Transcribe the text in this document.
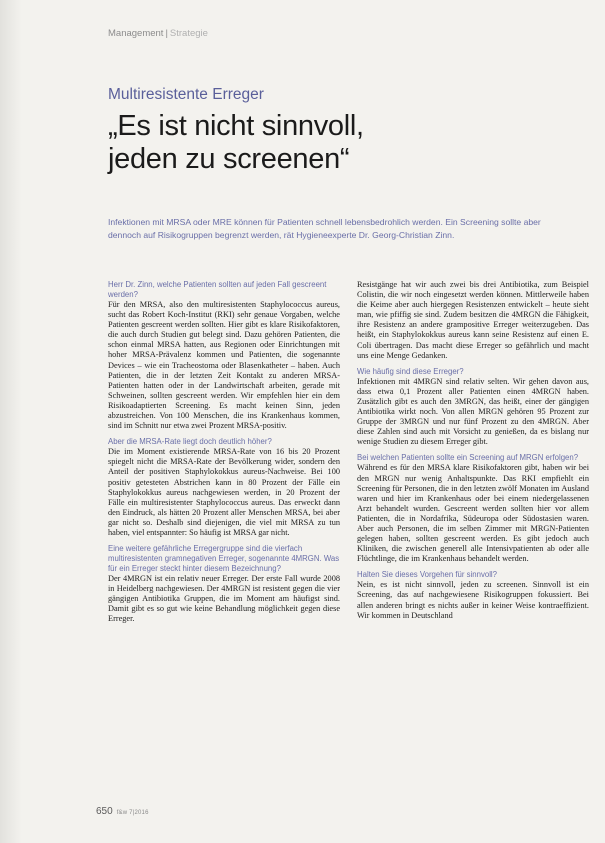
Management | Strategie
Multiresistente Erreger
„Es ist nicht sinnvoll, jeden zu screenen“
Infektionen mit MRSA oder MRE können für Patienten schnell lebensbedrohlich werden. Ein Screening sollte aber dennoch auf Risikogruppen begrenzt werden, rät Hygieneexperte Dr. Georg-Christian Zinn.

Herr Dr. Zinn, welche Patienten sollten auf jeden Fall gescreent werden?

Für den MRSA, also den multiresistenten Staphylococcus aureus, sucht das Robert Koch-Institut (RKI) sehr genaue Vorgaben, welche Patienten gescreent werden sollten. Hier gibt es klare Risikofaktoren, die auch durch Studien gut belegt sind. Dazu gehören Patienten, die schon einmal MRSA hatten, aus Regionen oder Einrichtungen mit hoher MRSA-Prävalenz kommen und Patienten, die sogenannte Devices – wie ein Tracheostoma oder Blasenkatheter – haben. Auch Patienten, die in der letzten Zeit Kontakt zu anderen MRSA-Patienten hatten oder in der Landwirtschaft arbeiten, gerade mit Schweinen, sollten gescreent werden. Wir empfehlen hier ein dem Risikoadaptierten Screening. Es macht keinen Sinn, jeden abzustreichen. Von 100 Menschen, die ins Krankenhaus kommen, sind im Schnitt nur etwa zwei Prozent MRSA-positiv.

Aber die MRSA-Rate liegt doch deutlich höher?

Die im Moment existierende MRSA-Rate von 16 bis 20 Prozent spiegelt nicht die MRSA-Rate der Bevölkerung wider, sondern den Anteil der positiven Staphylokokkus aureus-Nachweise. Bei 100 positiv getesteten Abstrichen kann in 80 Prozent der Fälle ein Staphylokokkus aureus nachgewiesen werden, in 20 Prozent der Fälle ein multiresistenter Staphylococcus aureus. Das erweckt dann den Eindruck, als hätten 20 Prozent aller Menschen MRSA, bei aber gar nicht so. Deshalb sind diejenigen, die viel mit MRSA zu tun haben, viel entspannter: So häufig ist MRSA gar nicht.

Eine weitere gefährliche Erregergruppe sind die vierfach multiresistenten gramnegativen Erreger, sogenannte 4MRGN. Was für ein Erreger steckt hinter diesem Bezeichnung?

Der 4MRGN ist ein relativ neuer Erreger. Der erste Fall wurde 2008 in Heidelberg nachgewiesen. Der 4MRGN ist resistent gegen die vier gängigen Antibiotika Gruppen, die im Moment am häufigst sind. Damit gibt es so gut wie keine Behandlung möglichkeit gegen diese Erreger.

Resistgänge hat wir auch zwei bis drei Antibiotika, zum Beispiel Colistin, die wir noch eingesetzt werden können. Mittlerweile haben die Keime aber auch hiergegen Resistenzen entwickelt – heute sieht man, wie pfiffig sie sind. Zudem besitzen die 4MRGN die Fähigkeit, ihre Resistenz an andere grampositive Erreger weiterzugeben. Das heißt, ein Staphylokokkus aureus kann seine Resistenz auf einen E. Coli übertragen. Das macht diese Erreger so gefährlich und macht uns eine Menge Gedanken.

Wie häufig sind diese Erreger?

Infektionen mit 4MRGN sind relativ selten. Wir gehen davon aus, dass etwa 0,1 Prozent aller Patienten einen 4MRGN haben. Zusätzlich gibt es auch den 3MRGN, das heißt, einer der gängigen Antibiotika wirkt noch. Von allen MRGN gehören 95 Prozent zur Gruppe der 3MRGN und nur fünf Prozent zu den 4MRGN. Aber diese Zahlen sind auch mit Vorsicht zu genießen, da es bislang nur wenige Studien zu diesem Erreger gibt.

Bei welchen Patienten sollte ein Screening auf MRGN erfolgen?

Während es für den MRSA klare Risikofaktoren gibt, haben wir bei den MRGN nur wenig Anhaltspunkte. Das RKI empfiehlt ein Screening für Personen, die in den letzten zwölf Monaten im Ausland waren und hier im Krankenhaus oder bei einem niedergelassenen Arzt behandelt wurden. Gescreent werden sollten hier vor allem Patienten, die in Nordafrika, Südeuropa oder Südostasien waren. Aber auch Personen, die im selben Zimmer mit MRGN-Patienten gelegen haben, sollten gescreent werden. Es gibt jedoch auch Kliniken, die zwischen generell alle Intensivpatienten ab oder alle Flüchtlinge, die im Krankenhaus behandelt werden.

Halten Sie dieses Vorgehen für sinnvoll?

Nein, es ist nicht sinnvoll, jeden zu screenen. Sinnvoll ist ein Screening, das auf nachgewiesene Risikogruppen fokussiert. Bei allen anderen bringt es nichts außer in keiner Weise kontraeffizient. Wir kommen in Deutschland

650 f&w 7|2016
